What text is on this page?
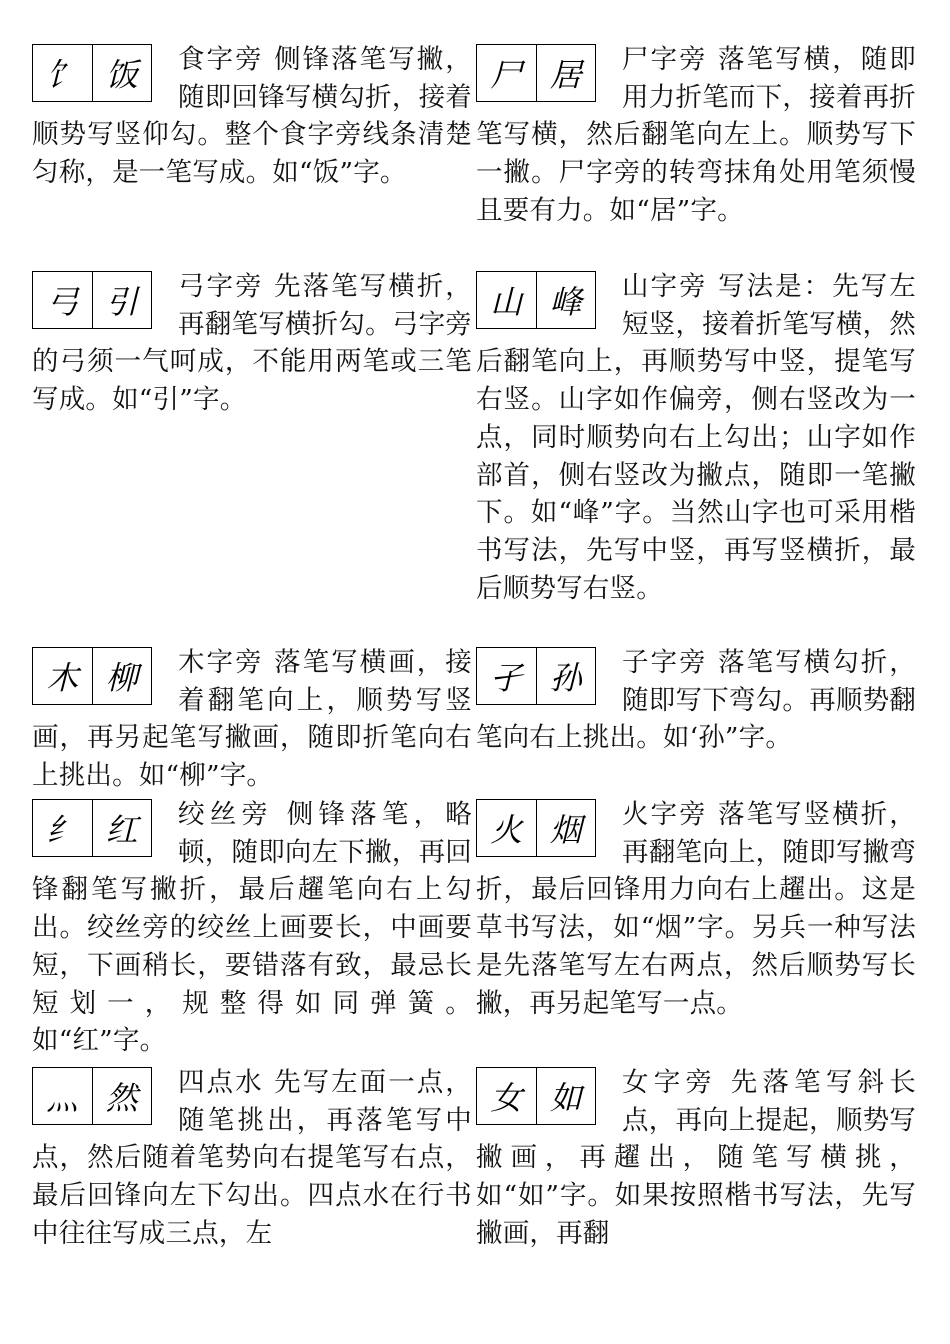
饣 饭	食字旁 侧锋落笔写撇，随即回锋写横勾折，接着顺势写竖仰勾。整个食字旁线条清楚匀称，是一笔写成。如“饭”字。

弓 引	弓字旁 先落笔写横折，再翻笔写横折勾。弓字旁的弓须一气呵成，不能用两笔或三笔写成。如“引”字。

木 柳	木字旁 落笔写横画，接着翻笔向上，顺势写竖画，再另起笔写撇画，随即折笔向右上挑出。如“柳”字。

纟 红	绞丝旁 侧锋落笔，略顿，随即向左下撇，再回锋翻笔写撇折，最后趯笔向右上勾出。绞丝旁的绞丝上画要长，中画要短，下画稍长，要错落有致，最忌长短划一，规整得如同弹簧。如“红”字。

灬 然	四点水 先写左面一点，随笔挑出，再落笔写中点，然后随着笔势向右提笔写右点，最后回锋向左下勾出。四点水在行书中往往写成三点，左

尸 居	尸字旁 落笔写横，随即用力折笔而下，接着再折笔写横，然后翻笔向左上。顺势写下一撇。尸字旁的转弯抹角处用笔须慢且要有力。如“居”字。

山 峰	山字旁 写法是：先写左短竖，接着折笔写横，然后翻笔向上，再顺势写中竖，提笔写右竖。山字如作偏旁，侧右竖改为一点，同时顺势向右上勾出；山字如作部首，侧右竖改为撇点，随即一笔撇下。如“峰”字。当然山字也可采用楷书写法，先写中竖，再写竖横折，最后顺势写右竖。

孑 孙	子字旁 落笔写横勾折，随即写下弯勾。再顺势翻笔向右上挑出。如‘孙”字。

火 烟	火字旁 落笔写竖横折，再翻笔向上，随即写撇弯折，最后回锋用力向右上趯出。这是草书写法，如“烟”字。另兵一种写法是先落笔写左右两点，然后顺势写长撇，再另起笔写一点。

女 如	女字旁 先落笔写斜长点，再向上提起，顺势写撇画，再趯出，随笔写横挑，如“如”字。如果按照楷书写法，先写撇画，再翻
